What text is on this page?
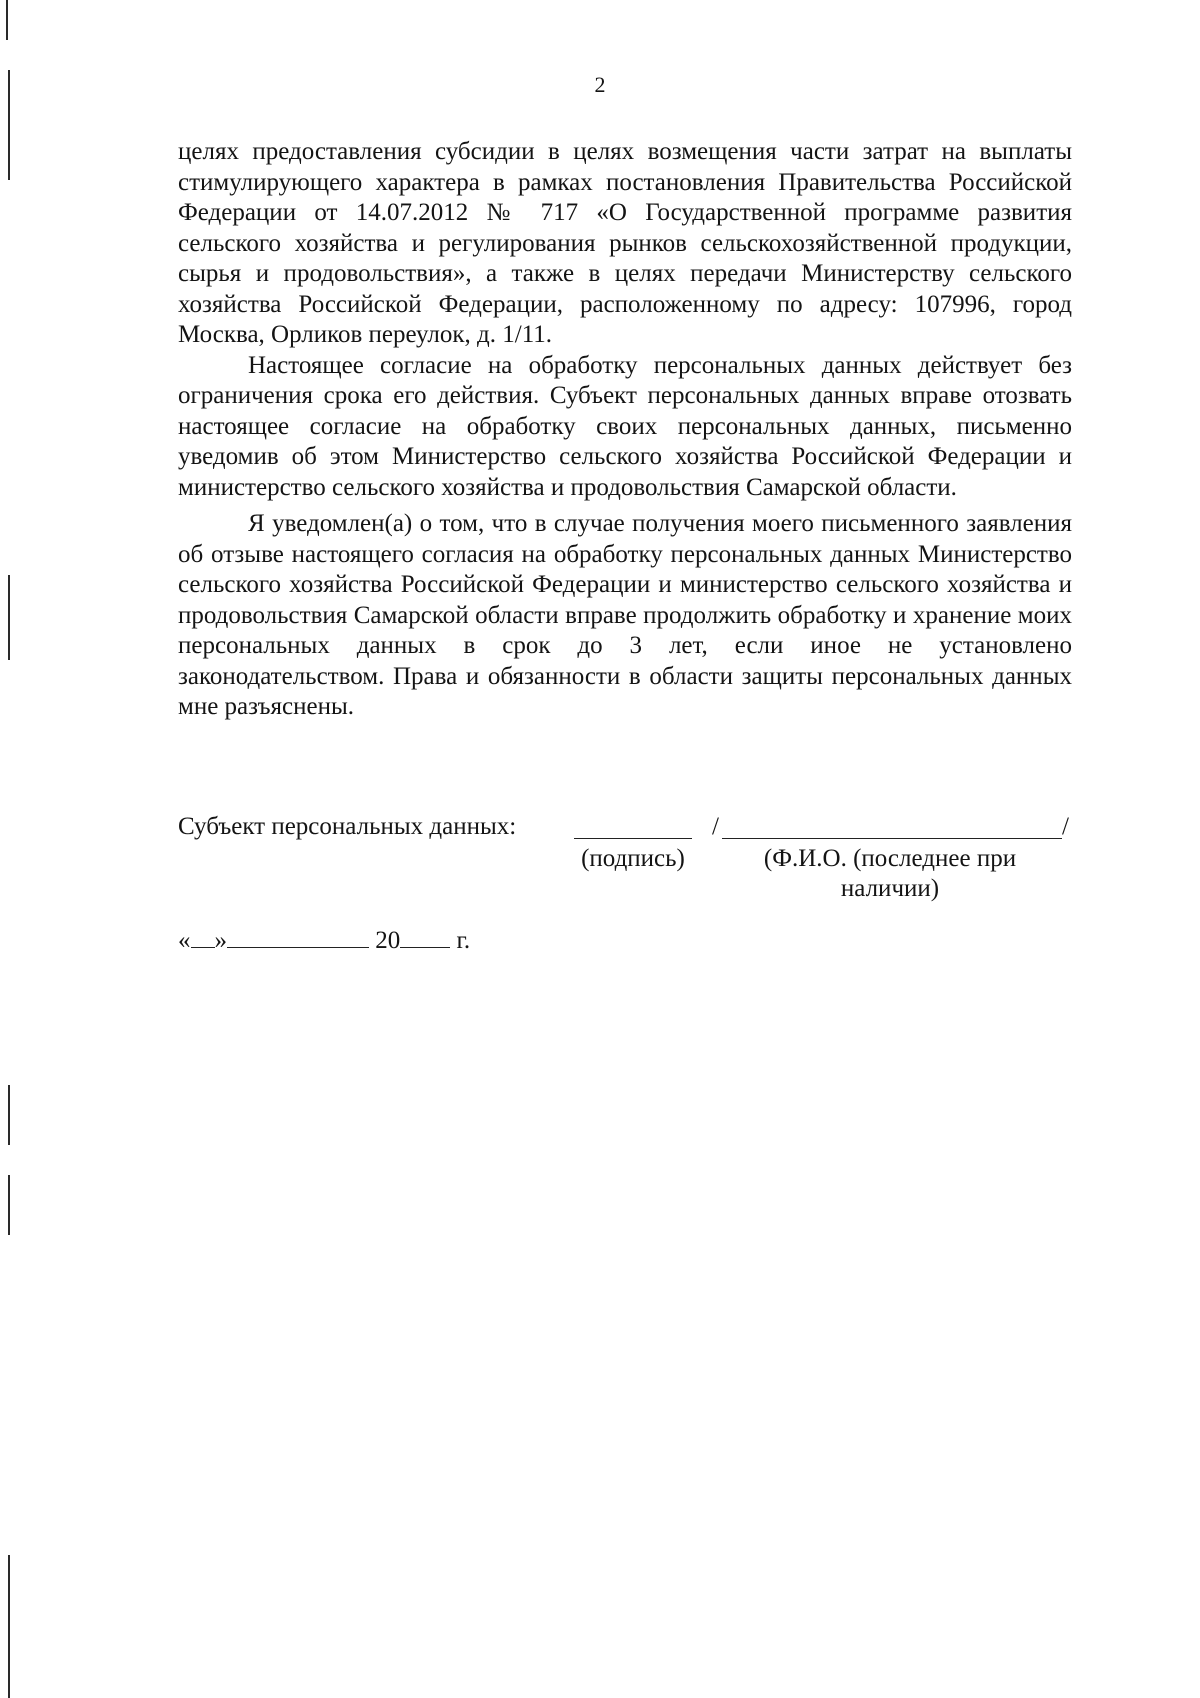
2

целях предоставления субсидии в целях возмещения части затрат на выплаты стимулирующего характера в рамках постановления Правительства Российской Федерации от 14.07.2012 № 717 «О Государственной программе развития сельского хозяйства и регулирования рынков сельскохозяйственной продукции, сырья и продовольствия», а также в целях передачи Министерству сельского хозяйства Российской Федерации, расположенному по адресу: 107996, город Москва, Орликов переулок, д. 1/11.

Настоящее согласие на обработку персональных данных действует без ограничения срока его действия. Субъект персональных данных вправе отозвать настоящее согласие на обработку своих персональных данных, письменно уведомив об этом Министерство сельского хозяйства Российской Федерации и министерство сельского хозяйства и продовольствия Самарской области.

Я уведомлен(а) о том, что в случае получения моего письменного заявления об отзыве настоящего согласия на обработку персональных данных Министерство сельского хозяйства Российской Федерации и министерство сельского хозяйства и продовольствия Самарской области вправе продолжить обработку и хранение моих персональных данных в срок до 3 лет, если иное не установлено законодательством. Права и обязанности в области защиты персональных данных мне разъяснены.

Субъект персональных данных:	/	/
(подпись)	(Ф.И.О. (последнее при
наличии)
« »	20 г.
